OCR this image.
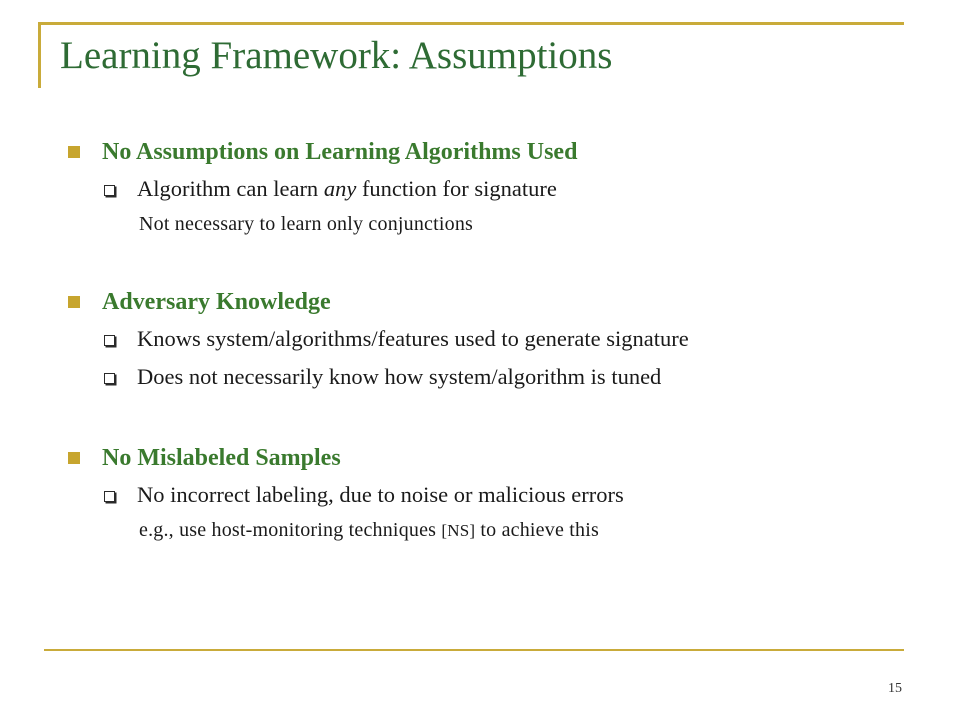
Learning Framework: Assumptions
No Assumptions on Learning Algorithms Used
Algorithm can learn any function for signature
Not necessary to learn only conjunctions
Adversary Knowledge
Knows system/algorithms/features used to generate signature
Does not necessarily know how system/algorithm is tuned
No Mislabeled Samples
No incorrect labeling, due to noise or malicious errors
e.g., use host-monitoring techniques [NS] to achieve this
15
